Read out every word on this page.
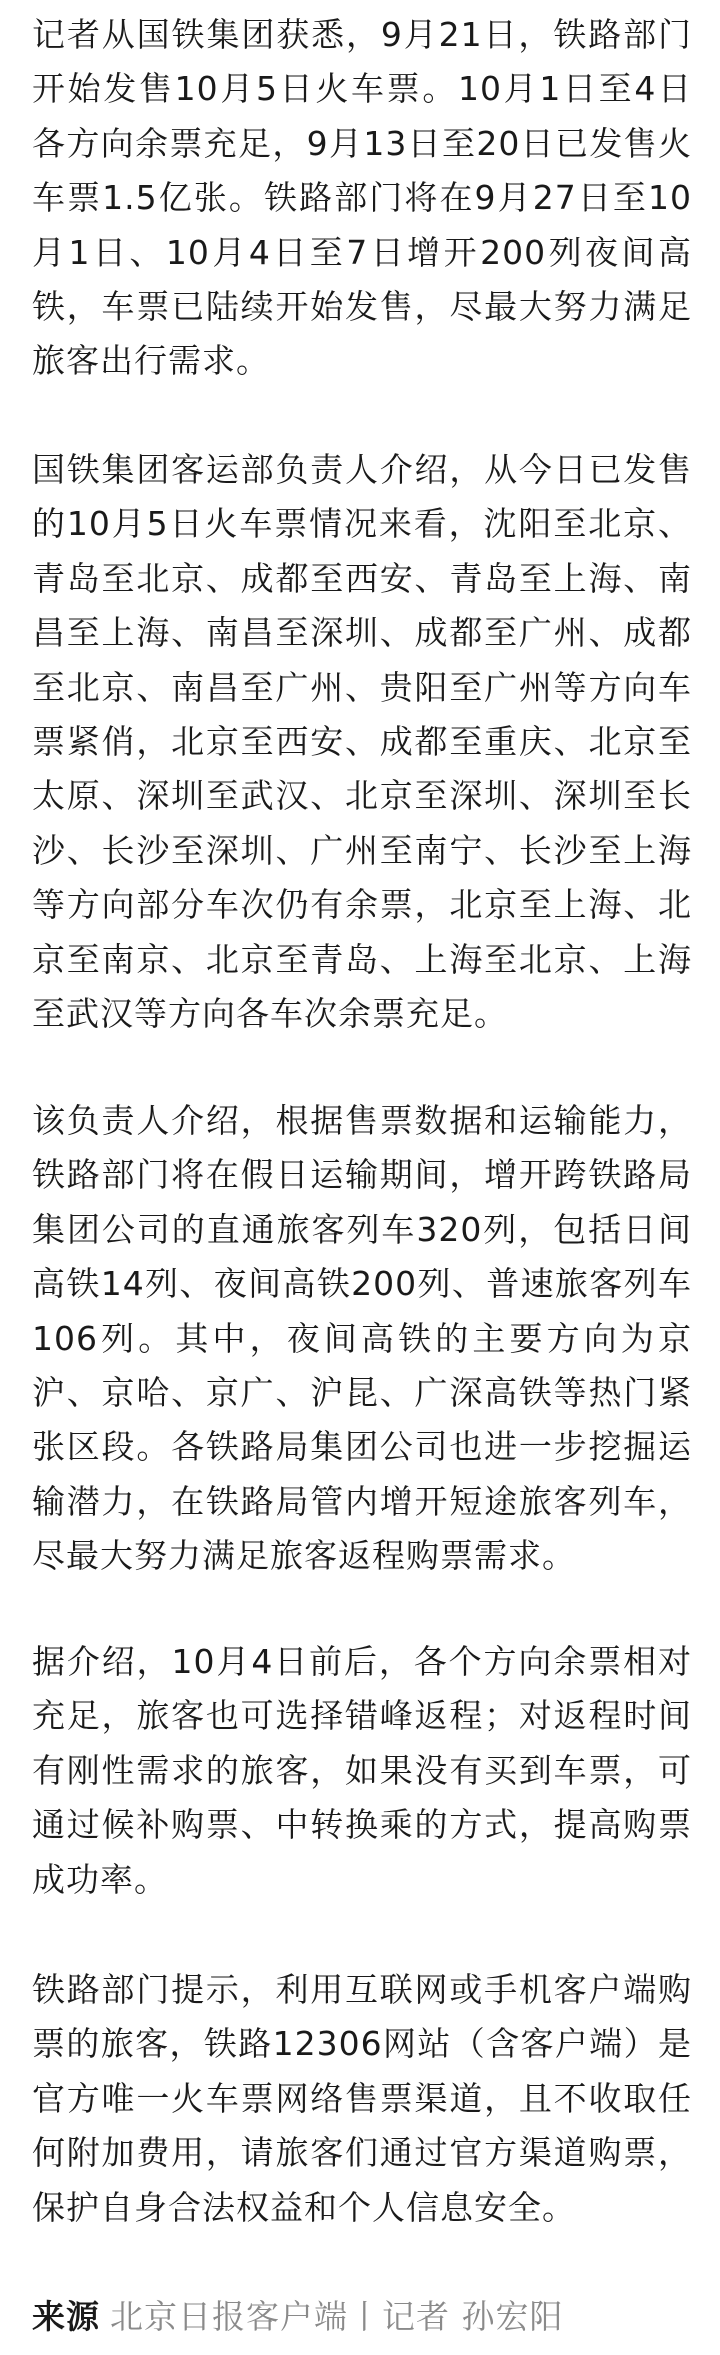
记者从国铁集团获悉，9月21日，铁路部门开始发售10月5日火车票。10月1日至4日各方向余票充足，9月13日至20日已发售火车票1.5亿张。铁路部门将在9月27日至10月1日、10月4日至7日增开200列夜间高铁，车票已陆续开始发售，尽最大努力满足旅客出行需求。

国铁集团客运部负责人介绍，从今日已发售的10月5日火车票情况来看，沈阳至北京、青岛至北京、成都至西安、青岛至上海、南昌至上海、南昌至深圳、成都至广州、成都至北京、南昌至广州、贵阳至广州等方向车票紧俏，北京至西安、成都至重庆、北京至太原、深圳至武汉、北京至深圳、深圳至长沙、长沙至深圳、广州至南宁、长沙至上海等方向部分车次仍有余票，北京至上海、北京至南京、北京至青岛、上海至北京、上海至武汉等方向各车次余票充足。

该负责人介绍，根据售票数据和运输能力，铁路部门将在假日运输期间，增开跨铁路局集团公司的直通旅客列车320列，包括日间高铁14列、夜间高铁200列、普速旅客列车106列。其中，夜间高铁的主要方向为京沪、京哈、京广、沪昆、广深高铁等热门紧张区段。各铁路局集团公司也进一步挖掘运输潜力，在铁路局管内增开短途旅客列车，尽最大努力满足旅客返程购票需求。

据介绍，10月4日前后，各个方向余票相对充足，旅客也可选择错峰返程；对返程时间有刚性需求的旅客，如果没有买到车票，可通过候补购票、中转换乘的方式，提高购票成功率。

铁路部门提示，利用互联网或手机客户端购票的旅客，铁路12306网站（含客户端）是官方唯一火车票网络售票渠道，且不收取任何附加费用，请旅客们通过官方渠道购票，保护自身合法权益和个人信息安全。

来源 北京日报客户端丨记者 孙宏阳
